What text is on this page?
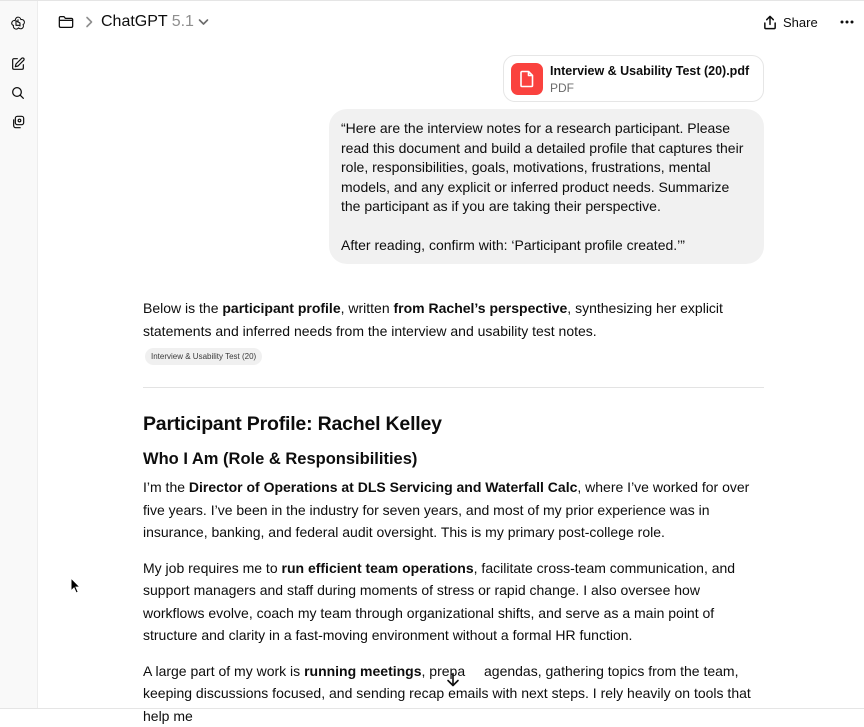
ChatGPT 5.1	Share
Interview & Usability Test (20).pdf
PDF

“Here are the interview notes for a research participant. Please read this document and build a detailed profile that captures their role, responsibilities, goals, motivations, frustrations, mental models, and any explicit or inferred product needs. Summarize the participant as if you are taking their perspective.

After reading, confirm with: ‘Participant profile created.’”

Below is the participant profile, written from Rachel’s perspective, synthesizing her explicit statements and inferred needs from the interview and usability test notes.

Interview & Usability Test (20)
Participant Profile: Rachel Kelley
Who I Am (Role & Responsibilities)

I’m the Director of Operations at DLS Servicing and Waterfall Calc, where I’ve worked for over five years. I’ve been in the industry for seven years, and most of my prior experience was in insurance, banking, and federal audit oversight. This is my primary post-college role.

My job requires me to run efficient team operations, facilitate cross-team communication, and support managers and staff during moments of stress or rapid change. I also oversee how workflows evolve, coach my team through organizational shifts, and serve as a main point of structure and clarity in a fast-moving environment without a formal HR function.

A large part of my work is running meetings, prepa agendas, gathering topics from the team, keeping discussions focused, and sending recap emails with next steps. I rely heavily on tools that help me
